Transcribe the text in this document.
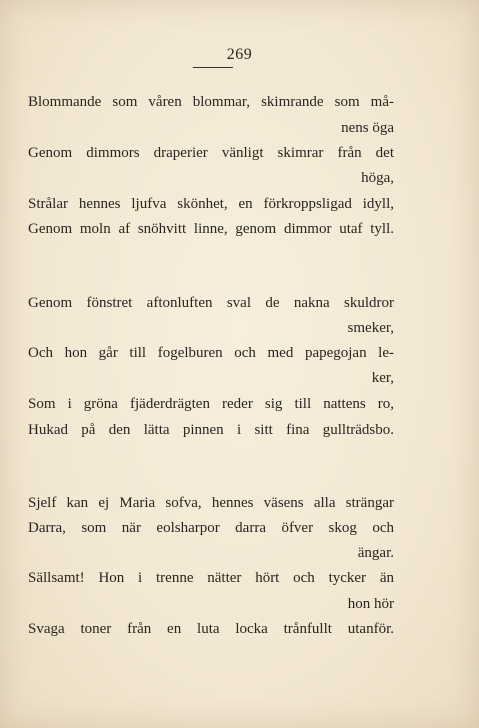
269
Blommande som våren blommar, skimrande som må-
nens öga
Genom dimmors draperier vänligt skimrar från det
höga,
Strålar hennes ljufva skönhet, en förkroppsligad idyll,
Genom moln af snöhvitt linne, genom dimmor utaf tyll.
Genom fönstret aftonluften sval de nakna skuldror
smeker,
Och hon går till fogelburen och med papegojan le-
ker,
Som i gröna fjäderdrägten reder sig till nattens ro,
Hukad på den lätta pinnen i sitt fina gullträdsbo.
Sjelf kan ej Maria sofva, hennes väsens alla strängar
Darra, som när eolsharpor darra öfver skog och
ängar.
Sällsamt! Hon i trenne nätter hört och tycker än
hon hör
Svaga toner från en luta locka trånfullt utanför.
